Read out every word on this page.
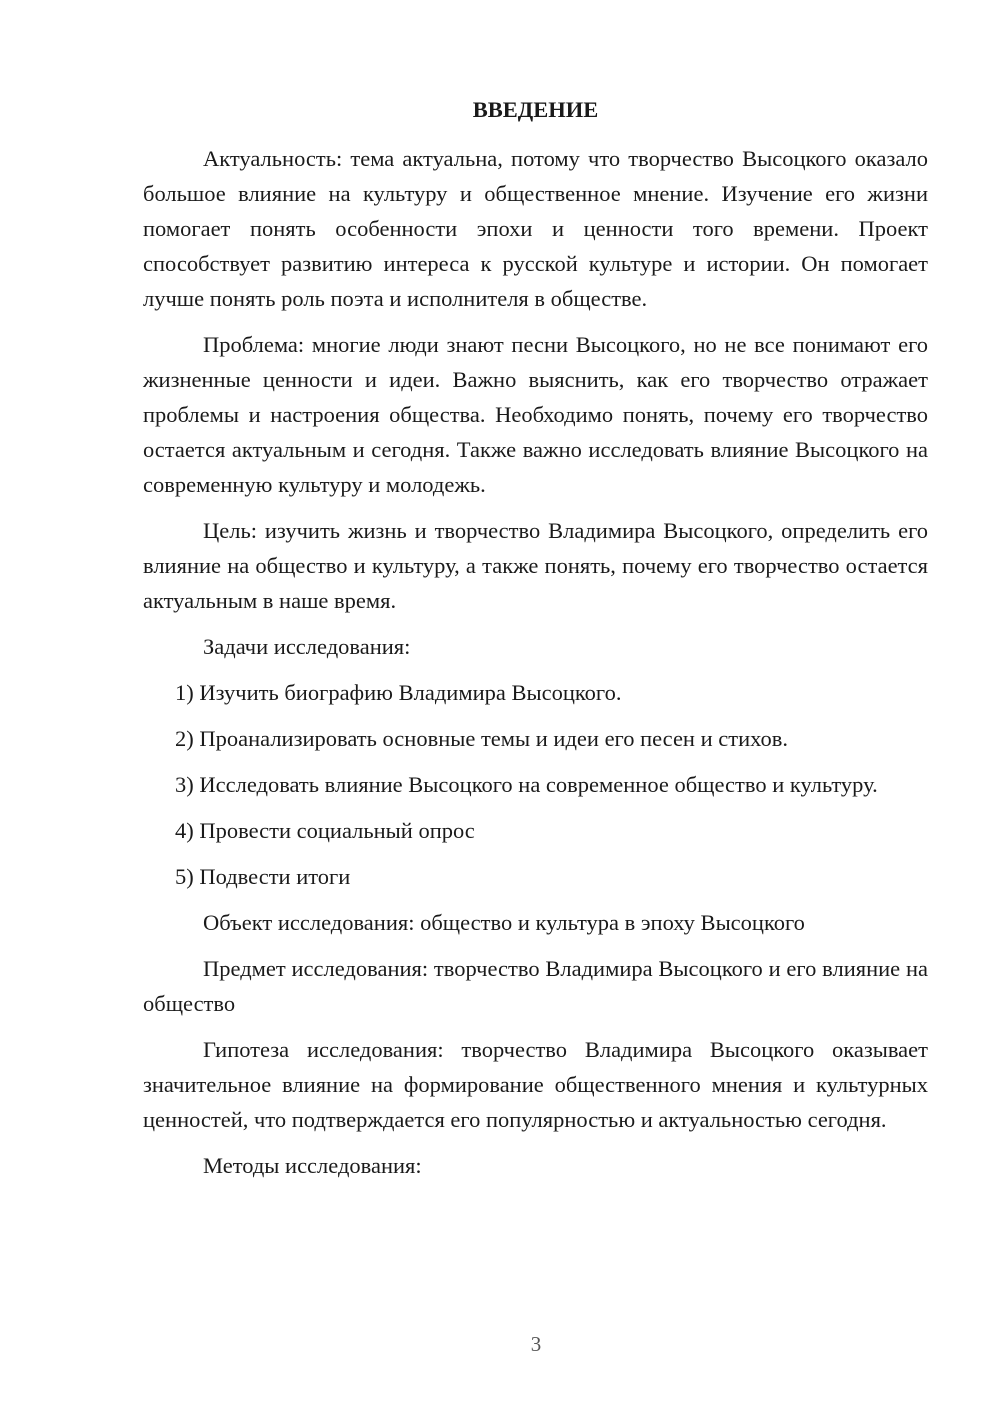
ВВЕДЕНИЕ

Актуальность: тема актуальна, потому что творчество Высоцкого оказало большое влияние на культуру и общественное мнение. Изучение его жизни помогает понять особенности эпохи и ценности того времени. Проект способствует развитию интереса к русской культуре и истории. Он помогает лучше понять роль поэта и исполнителя в обществе.

Проблема: многие люди знают песни Высоцкого, но не все понимают его жизненные ценности и идеи. Важно выяснить, как его творчество отражает проблемы и настроения общества. Необходимо понять, почему его творчество остается актуальным и сегодня. Также важно исследовать влияние Высоцкого на современную культуру и молодежь.

Цель: изучить жизнь и творчество Владимира Высоцкого, определить его влияние на общество и культуру, а также понять, почему его творчество остается актуальным в наше время.

Задачи исследования:

1) Изучить биографию Владимира Высоцкого.

2) Проанализировать основные темы и идеи его песен и стихов.

3) Исследовать влияние Высоцкого на современное общество и культуру.

4) Провести социальный опрос

5) Подвести итоги

Объект исследования: общество и культура в эпоху Высоцкого

Предмет исследования: творчество Владимира Высоцкого и его влияние на общество

Гипотеза исследования: творчество Владимира Высоцкого оказывает значительное влияние на формирование общественного мнения и культурных ценностей, что подтверждается его популярностью и актуальностью сегодня.

Методы исследования:

3
